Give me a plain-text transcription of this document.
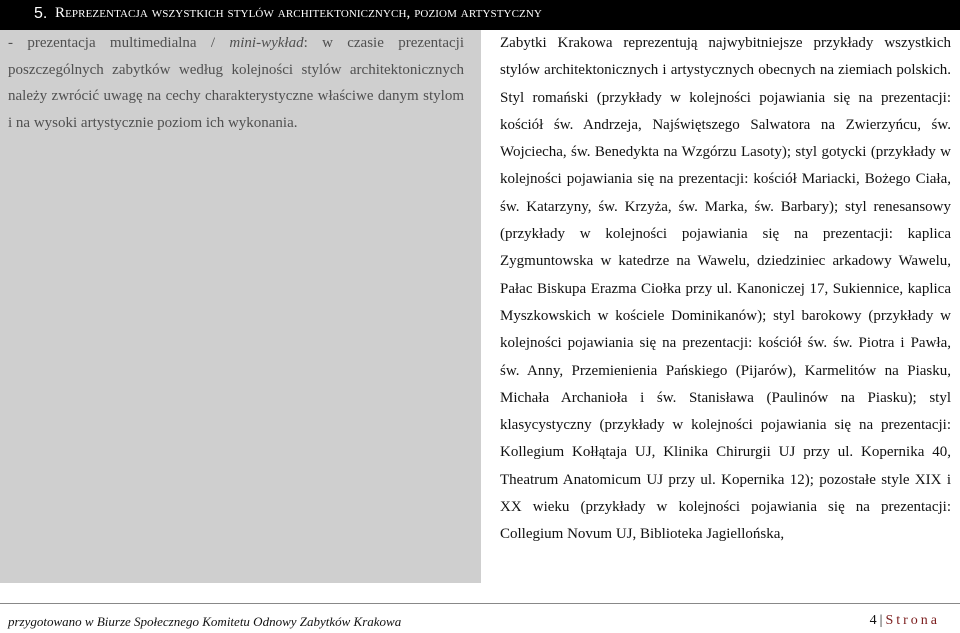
5. Reprezentacja wszystkich stylów architektonicznych, poziom artystyczny

- prezentacja multimedialna / mini-wykład: w czasie prezentacji poszczególnych zabytków według kolejności stylów architektonicznych należy zwrócić uwagę na cechy charakterystyczne właściwe danym stylom i na wysoki artystycznie poziom ich wykonania.

Zabytki Krakowa reprezentują najwybitniejsze przykłady wszystkich stylów architektonicznych i artystycznych obecnych na ziemiach polskich. Styl romański (przykłady w kolejności pojawiania się na prezentacji: kościół św. Andrzeja, Najświętszego Salwatora na Zwierzyńcu, św. Wojciecha, św. Benedykta na Wzgórzu Lasoty); styl gotycki (przykłady w kolejności pojawiania się na prezentacji: kościół Mariacki, Bożego Ciała, św. Katarzyny, św. Krzyża, św. Marka, św. Barbary); styl renesansowy (przykłady w kolejności pojawiania się na prezentacji: kaplica Zygmuntowska w katedrze na Wawelu, dziedziniec arkadowy Wawelu, Pałac Biskupa Erazma Ciołka przy ul. Kanoniczej 17, Sukiennice, kaplica Myszkowskich w kościele Dominikanów); styl barokowy (przykłady w kolejności pojawiania się na prezentacji: kościół św. św. Piotra i Pawła, św. Anny, Przemienienia Pańskiego (Pijarów), Karmelitów na Piasku, Michała Archanioła i św. Stanisława (Paulinów na Piasku); styl klasycystyczny (przykłady w kolejności pojawiania się na prezentacji: Kollegium Kołłątaja UJ, Klinika Chirurgii UJ przy ul. Kopernika 40, Theatrum Anatomicum UJ przy ul. Kopernika 12); pozostałe style XIX i XX wieku (przykłady w kolejności pojawiania się na prezentacji: Collegium Novum UJ, Biblioteka Jagiellońska,

przygotowano w Biurze Społecznego Komitetu Odnowy Zabytków Krakowa	4 | Strona
